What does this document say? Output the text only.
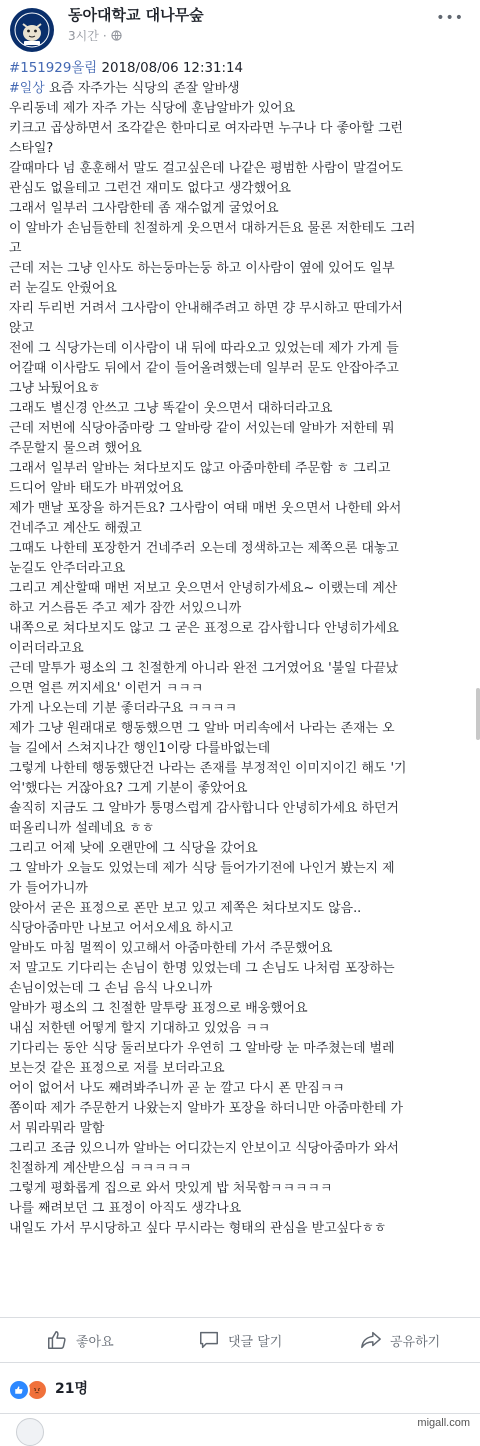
동아대학교 대나무숲
3시간 ·
•••
#151929올림 2018/08/06 12:31:14
#일상 요즘 자주가는 식당의 존잘 알바생
우리동네 제가 자주 가는 식당에 훈남알바가 있어요
키크고 곱상하면서 조각같은 한마디로 여자라면 누구나 다 좋아할 그런
스타일?
갈때마다 넘 훈훈해서 말도 걸고싶은데 나같은 평범한 사람이 말걸어도
관심도 없을테고 그런건 재미도 없다고 생각했어요
그래서 일부러 그사람한테 좀 재수없게 굴었어요
이 알바가 손님들한테 친절하게 웃으면서 대하거든요 물론 저한테도 그러
고
근데 저는 그냥 인사도 하는둥마는둥 하고 이사람이 옆에 있어도 일부
러 눈길도 안줬어요
자리 두리번 거려서 그사람이 안내해주려고 하면 걍 무시하고 딴데가서
앉고
전에 그 식당가는데 이사람이 내 뒤에 따라오고 있었는데 제가 가게 들
어갈때 이사람도 뒤에서 같이 들어올려했는데 일부러 문도 안잡아주고
그냥 놔뒀어요ㅎ
그래도 별신경 안쓰고 그냥 똑같이 웃으면서 대하더라고요
근데 저번에 식당아줌마랑 그 알바랑 같이 서있는데 알바가 저한테 뭐
주문할지 물으려 했어요
그래서 일부러 알바는 쳐다보지도 않고 아줌마한테 주문함 ㅎ 그리고
드디어 알바 태도가 바뀌었어요
제가 맨날 포장을 하거든요? 그사람이 여태 매번 웃으면서 나한테 와서
건네주고 계산도 해줬고
그때도 나한테 포장한거 건네주러 오는데 정색하고는 제쪽으론 대놓고
눈길도 안주더라고요
그리고 계산할때 매번 저보고 웃으면서 안녕히가세요~ 이랬는데 계산
하고 거스름돈 주고 제가 잠깐 서있으니까
내쪽으로 쳐다보지도 않고 그 굳은 표정으로 감사합니다 안녕히가세요
이러더라고요
근데 말투가 평소의 그 친절한게 아니라 완전 그거였어요 '불일 다끝났
으면 얼른 꺼지세요' 이런거 ㅋㅋㅋ
가게 나오는데 기분 좋더라구요 ㅋㅋㅋㅋ
제가 그냥 원래대로 행동했으면 그 알바 머리속에서 나라는 존재는 오
늘 길에서 스쳐지나간 행인1이랑 다를바없는데
그렇게 나한테 행동했단건 나라는 존재를 부정적인 이미지이긴 해도 '기
억'했다는 거잖아요? 그게 기분이 좋았어요
솔직히 지금도 그 알바가 퉁명스럽게 감사합니다 안녕히가세요 하던거
떠올리니까 설레네요 ㅎㅎ
그리고 어제 낮에 오랜만에 그 식당을 갔어요
그 알바가 오늘도 있었는데 제가 식당 들어가기전에 나인거 봤는지 제
가 들어가니까
앉아서 굳은 표정으로 폰만 보고 있고 제쪽은 쳐다보지도 않음..
식당아줌마만 나보고 어서오세요 하시고
알바도 마침 멀찍이 있고해서 아줌마한테 가서 주문했어요
저 말고도 기다리는 손님이 한명 있었는데 그 손님도 나처럼 포장하는
손님이었는데 그 손님 음식 나오니까
알바가 평소의 그 친절한 말투랑 표정으로 배웅했어요
내심 저한텐 어떻게 할지 기대하고 있었음 ㅋㅋ
기다리는 동안 식당 둘러보다가 우연히 그 알바랑 눈 마주쳤는데 벌레
보는것 같은 표정으로 저를 보더라고요
어이 없어서 나도 째려봐주니까 곧 눈 깔고 다시 폰 만짐ㅋㅋ
쫌이따 제가 주문한거 나왔는지 알바가 포장을 하더니만 아줌마한테 가
서 뭐라뭐라 말함
그리고 조금 있으니까 알바는 어디갔는지 안보이고 식당아줌마가 와서
친절하게 계산받으심 ㅋㅋㅋㅋㅋ
그렇게 평화롭게 집으로 와서 맛있게 밥 처묵함ㅋㅋㅋㅋㅋ
나를 째려보던 그 표정이 아직도 생각나요
내일도 가서 무시당하고 싶다 무시라는 형태의 관심을 받고싶다ㅎㅎ
좋아요	댓글 달기	공유하기
21명
migall.com
